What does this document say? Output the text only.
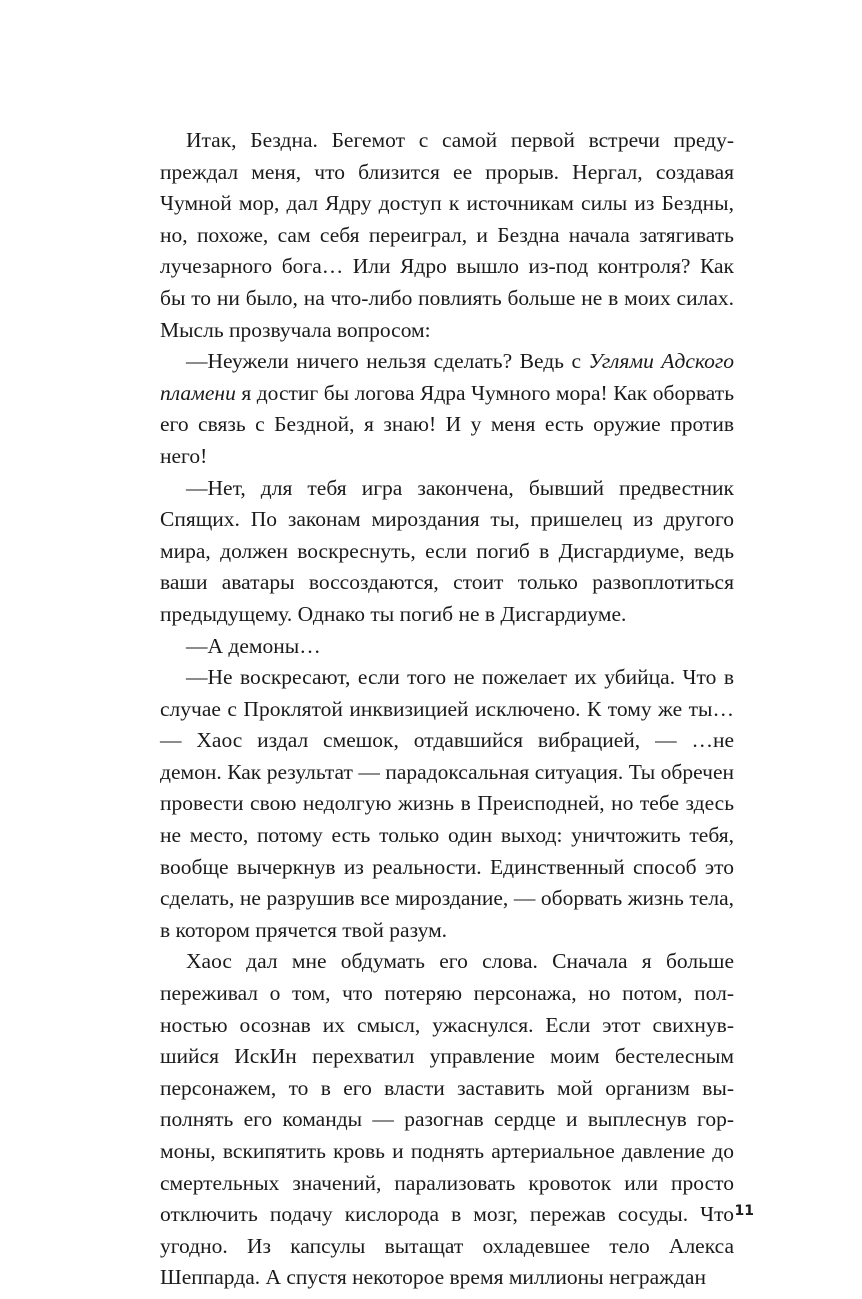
Итак, Бездна. Бегемот с самой первой встречи предупреждал меня, что близится ее прорыв. Нергал, создавая Чумной мор, дал Ядру доступ к источникам силы из Бездны, но, похоже, сам себя переиграл, и Бездна начала затягивать лучезарного бога… Или Ядро вышло из-под контроля? Как бы то ни было, на что-либо повлиять больше не в моих силах. Мысль прозвучала вопросом:

—Неужели ничего нельзя сделать? Ведь с Углями Адского пламени я достиг бы логова Ядра Чумного мора! Как оборвать его связь с Бездной, я знаю! И у меня есть оружие против него!

—Нет, для тебя игра закончена, бывший предвестник Спящих. По законам мироздания ты, пришелец из другого мира, должен воскреснуть, если погиб в Дисгардиуме, ведь ваши аватары воссоздаются, стоит только развоплотиться предыдущему. Однако ты погиб не в Дисгардиуме.

—А демоны…

—Не воскресают, если того не пожелает их убийца. Что в случае с Проклятой инквизицией исключено. К тому же ты… — Хаос издал смешок, отдавшийся вибрацией, — …не демон. Как результат — парадоксальная ситуация. Ты обречен провести свою недолгую жизнь в Преисподней, но тебе здесь не место, потому есть только один выход: уничтожить тебя, вообще вычеркнув из реальности. Единственный способ это сделать, не разрушив все мироздание, — оборвать жизнь тела, в котором прячется твой разум.

Хаос дал мне обдумать его слова. Сначала я больше переживал о том, что потеряю персонажа, но потом, полностью осознав их смысл, ужаснулся. Если этот свихнувшийся ИскИн перехватил управление моим бестелесным персонажем, то в его власти заставить мой организм выполнять его команды — разогнав сердце и выплеснув гормоны, вскипятить кровь и поднять артериальное давление до смертельных значений, парализовать кровоток или просто отключить подачу кислорода в мозг, пережав сосуды. Что угодно. Из капсулы вытащат охладевшее тело Алекса Шеппарда. А спустя некоторое время миллионы неграждан

11
